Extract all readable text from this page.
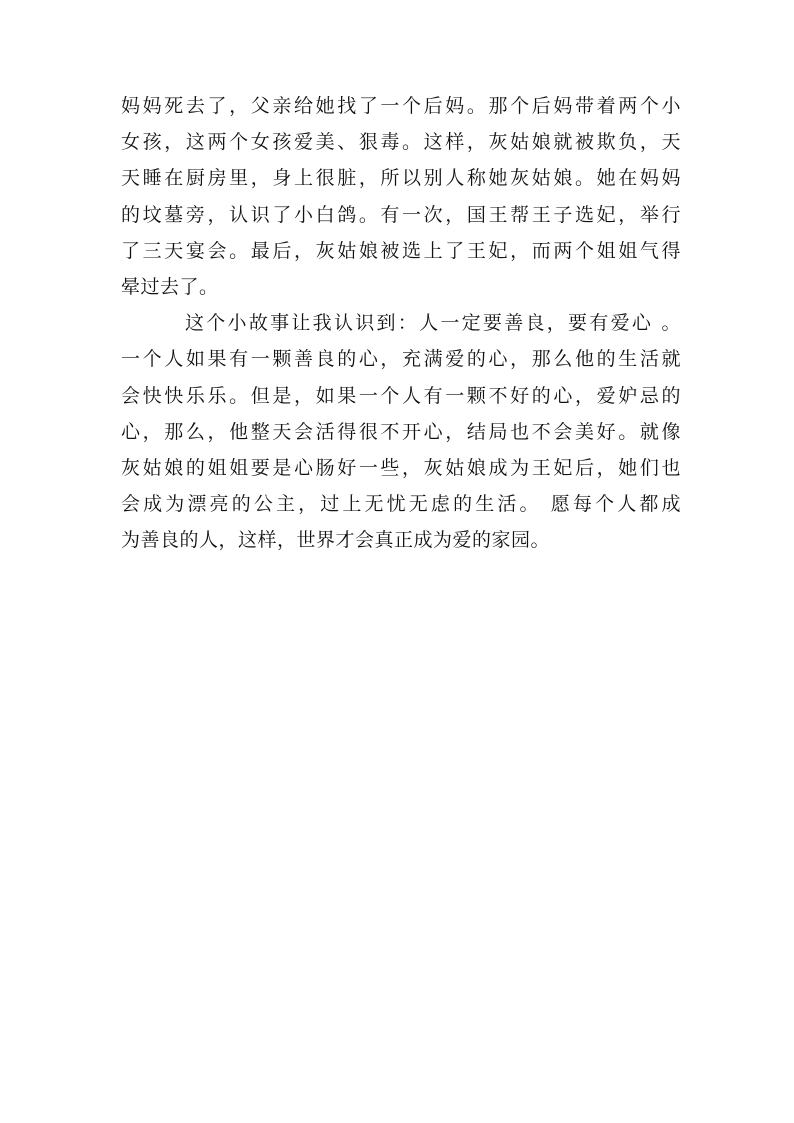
妈妈死去了，父亲给她找了一个后妈。那个后妈带着两个小
女孩，这两个女孩爱美、狠毒。这样，灰姑娘就被欺负，天
天睡在厨房里，身上很脏，所以别人称她灰姑娘。她在妈妈
的坟墓旁，认识了小白鸽。有一次，国王帮王子选妃，举行
了三天宴会。最后，灰姑娘被选上了王妃，而两个姐姐气得
晕过去了。
这个小故事让我认识到：人一定要善良，要有爱心 。
一个人如果有一颗善良的心，充满爱的心，那么他的生活就
会快快乐乐。但是，如果一个人有一颗不好的心，爱妒忌的
心，那么，他整天会活得很不开心，结局也不会美好。就像
灰姑娘的姐姐要是心肠好一些，灰姑娘成为王妃后，她们也
会成为漂亮的公主，过上无忧无虑的生活。 愿每个人都成
为善良的人，这样，世界才会真正成为爱的家园。
